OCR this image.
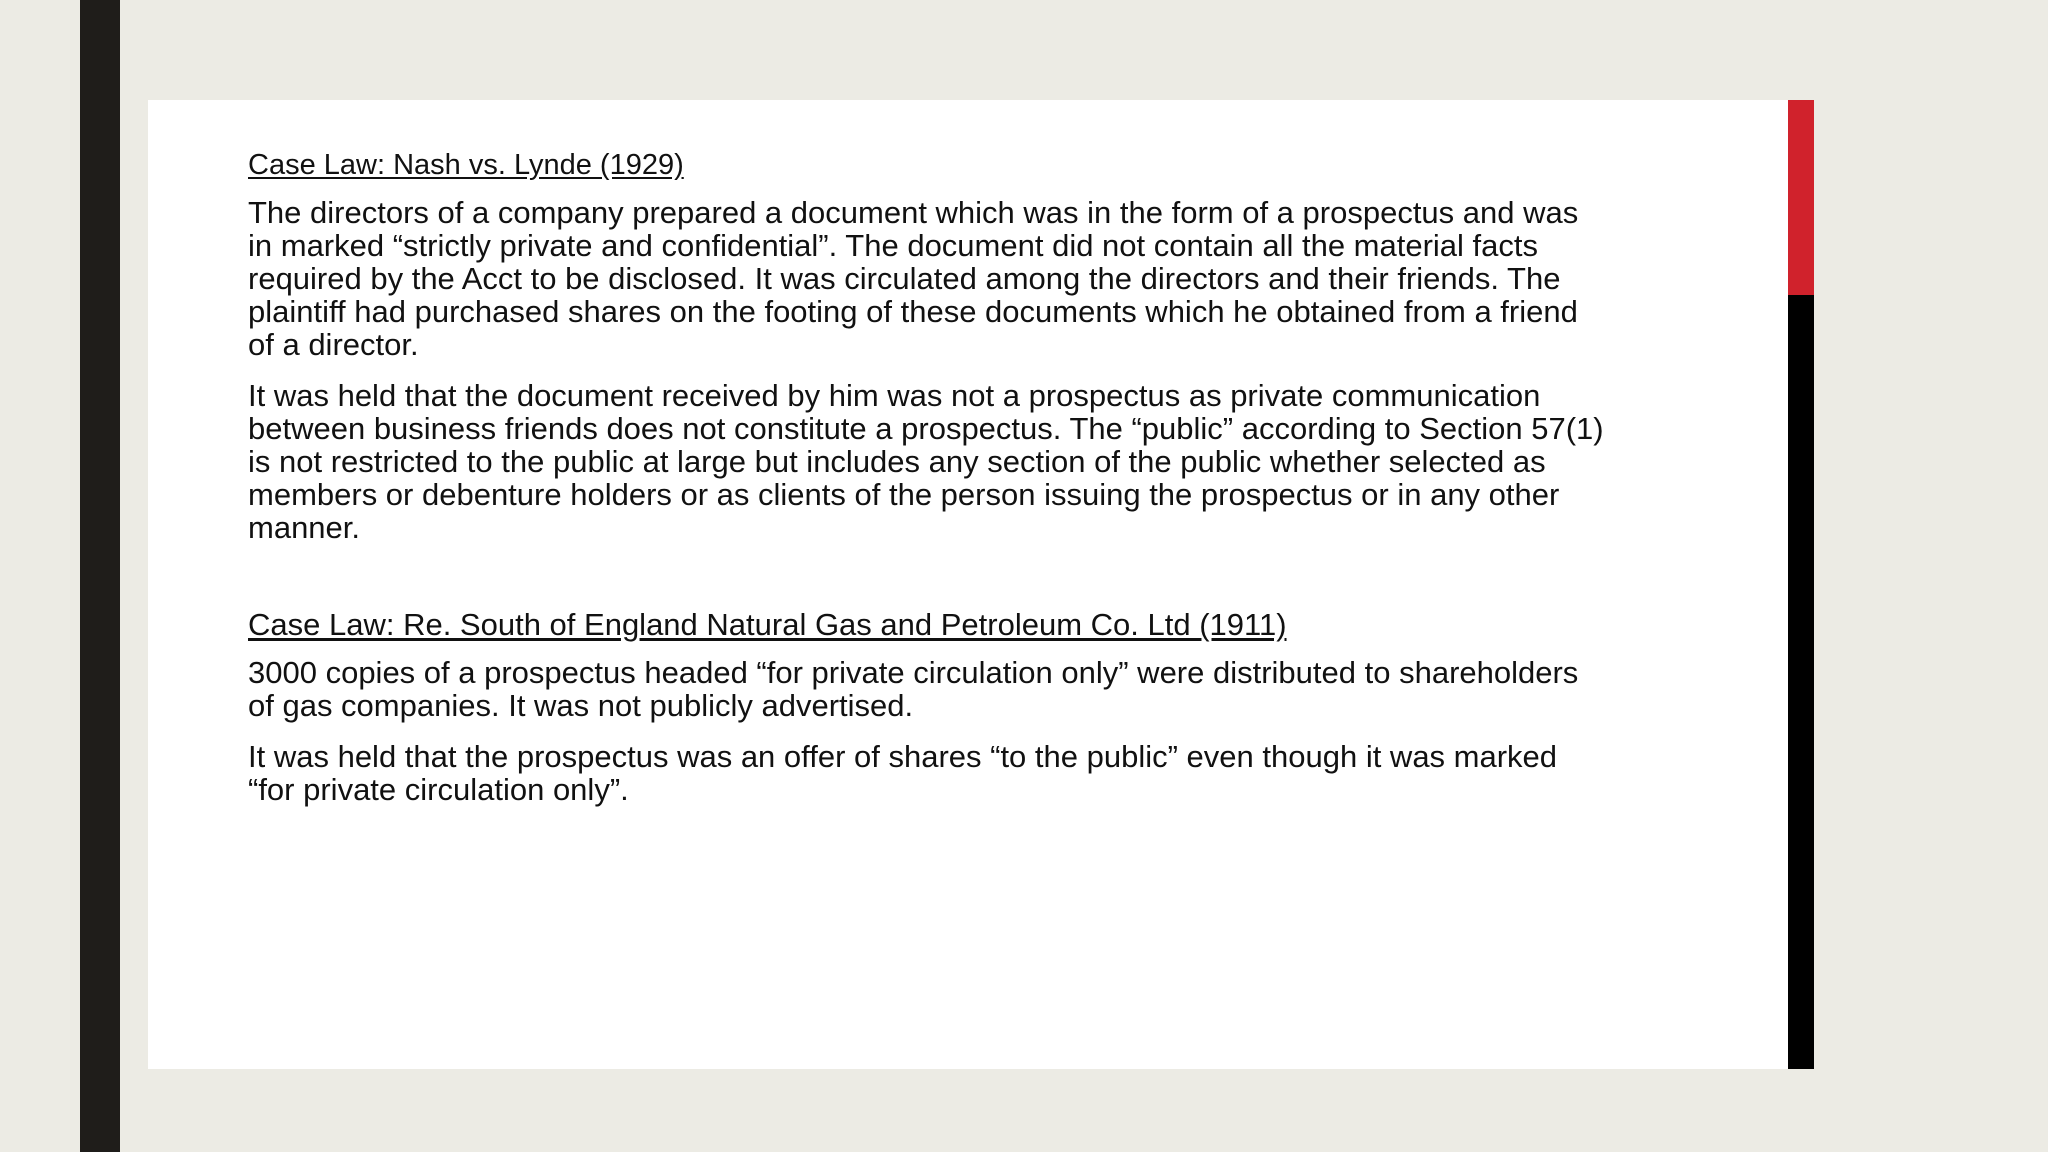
Case Law: Nash vs. Lynde (1929)

The directors of a company prepared a document which was in the form of a prospectus and was in marked “strictly private and confidential”. The document did not contain all the material facts required by the Acct to be disclosed. It was circulated among the directors and their friends. The plaintiff had purchased shares on the footing of these documents which he obtained from a friend of a director.

It was held that the document received by him was not a prospectus as private communication between business friends does not constitute a prospectus. The “public” according to Section 57(1) is not restricted to the public at large but includes any section of the public whether selected as members or debenture holders or as clients of the person issuing the prospectus or in any other manner.

Case Law: Re. South of England Natural Gas and Petroleum Co. Ltd (1911)

3000 copies of a prospectus headed “for private circulation only” were distributed to shareholders of gas companies. It was not publicly advertised.

It was held that the prospectus was an offer of shares “to the public” even though it was marked “for private circulation only”.
